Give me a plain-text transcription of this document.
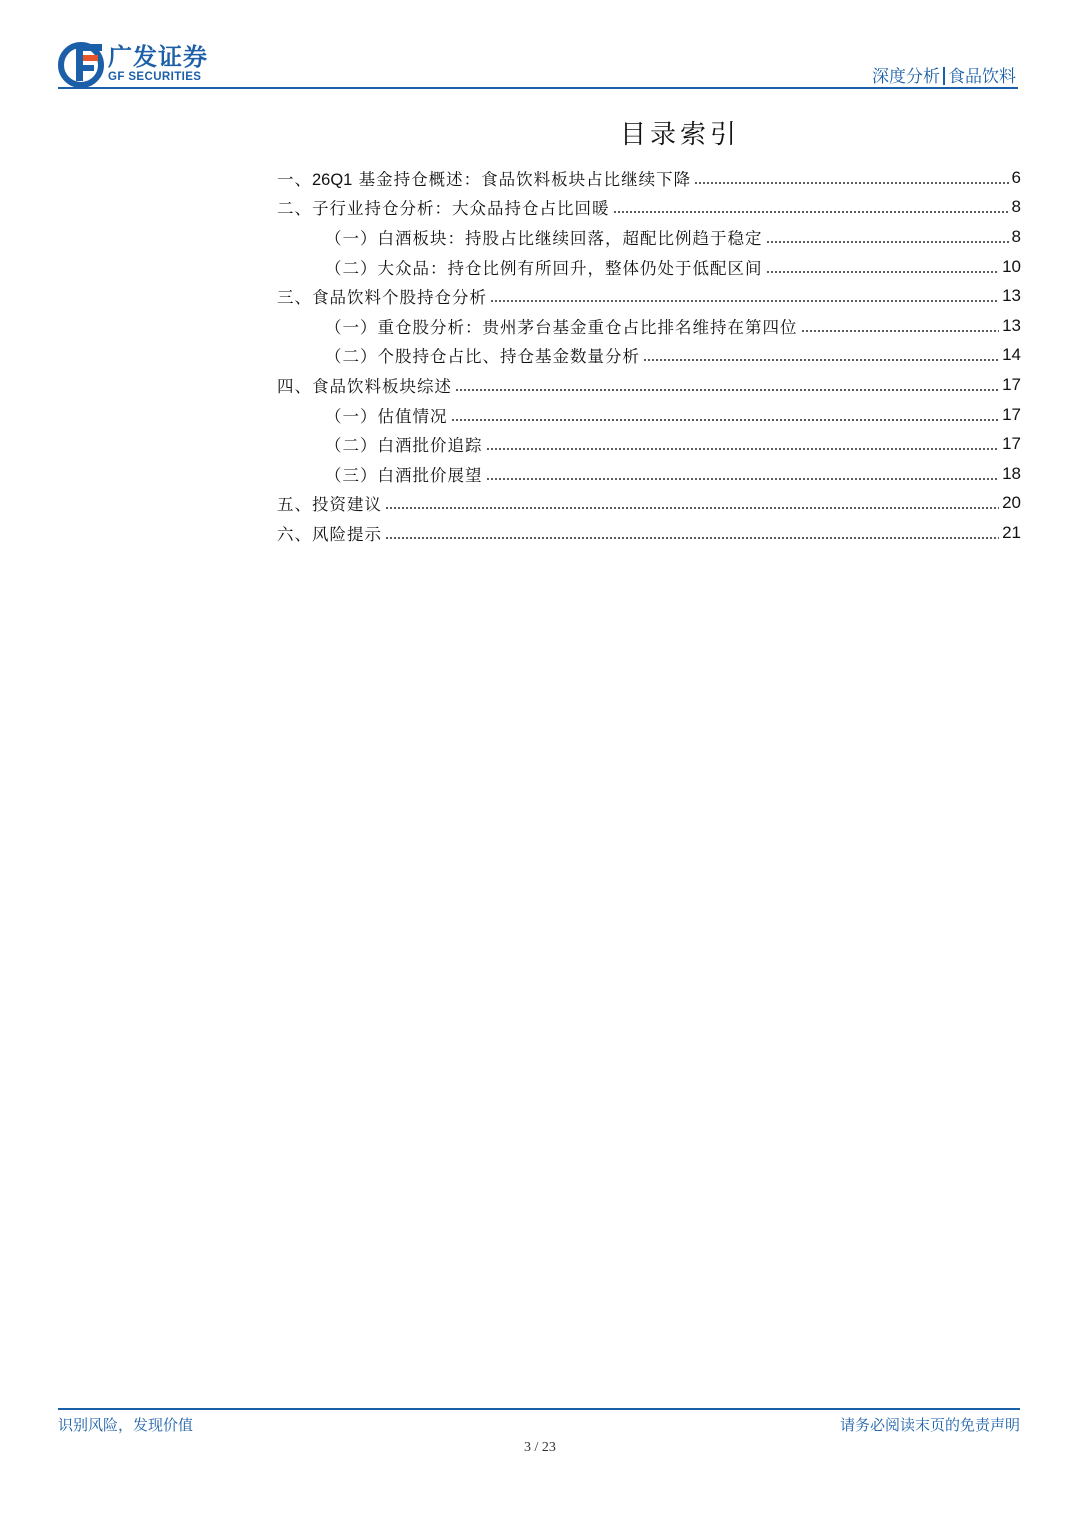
广发证券
GF SECURITIES	深度分析 食品饮料
目录索引
一、26Q1 基金持仓概述：食品饮料板块占比继续下降	6
二、子行业持仓分析：大众品持仓占比回暖	8
（一）白酒板块：持股占比继续回落，超配比例趋于稳定	8
（二）大众品：持仓比例有所回升，整体仍处于低配区间	10
三、食品饮料个股持仓分析	13
（一）重仓股分析：贵州茅台基金重仓占比排名维持在第四位	13
（二）个股持仓占比、持仓基金数量分析	14
四、食品饮料板块综述	17
（一）估值情况	17
（二）白酒批价追踪	17
（三）白酒批价展望	18
五、投资建议	20
六、风险提示	21
识别风险，发现价值	请务必阅读末页的免责声明
3 / 23
